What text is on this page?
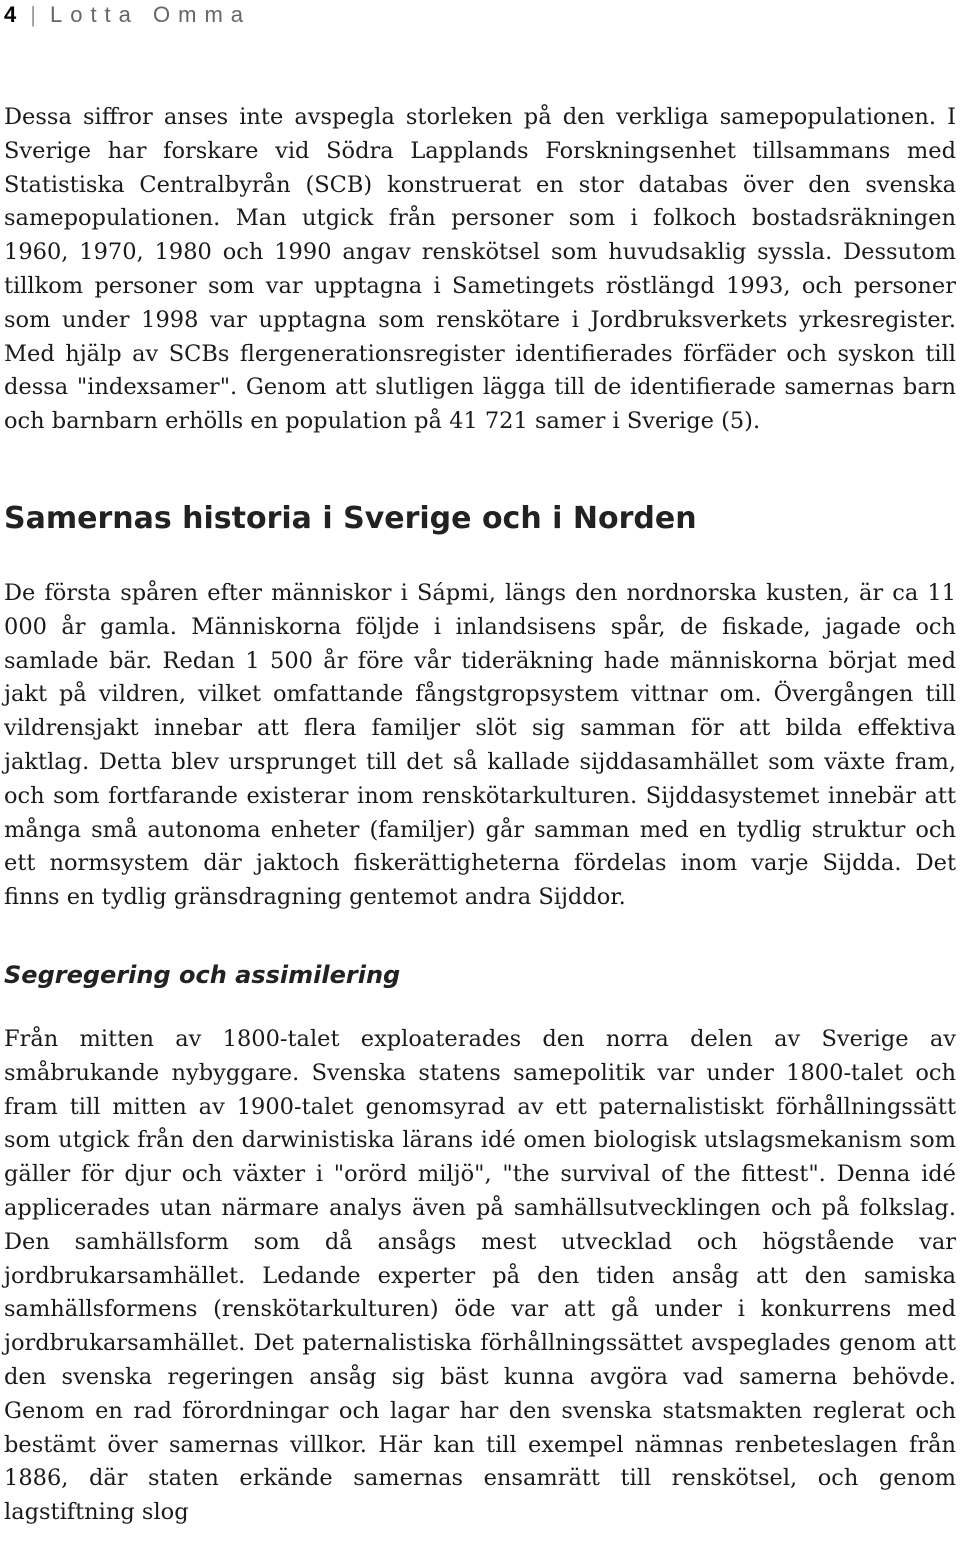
4 | Lotta Omma

Dessa siffror anses inte avspegla storleken på den verkliga samepopulationen. I Sverige har forskare vid Södra Lapplands Forskningsenhet tillsammans med Statistiska Centralbyrån (SCB) konstruerat en stor databas över den svenska samepopulationen. Man utgick från personer som i folkoch bostadsräkningen 1960, 1970, 1980 och 1990 angav renskötsel som huvudsaklig syssla. Dessutom tillkom personer som var upptagna i Sametingets röstlängd 1993, och personer som under 1998 var upptagna som renskötare i Jordbruksverkets yrkesregister. Med hjälp av SCBs flergenerationsregister identifierades förfäder och syskon till dessa "indexsamer". Genom att slutligen lägga till de identifierade samernas barn och barnbarn erhölls en population på 41 721 samer i Sverige (5).

Samernas historia i Sverige och i Norden

De första spåren efter människor i Sápmi, längs den nordnorska kusten, är ca 11 000 år gamla. Människorna följde i inlandsisens spår, de fiskade, jagade och samlade bär. Redan 1 500 år före vår tideräkning hade människorna börjat med jakt på vildren, vilket omfattande fångstgropsystem vittnar om. Övergången till vildrensjakt innebar att flera familjer slöt sig samman för att bilda effektiva jaktlag. Detta blev ursprunget till det så kallade sijddasamhället som växte fram, och som fortfarande existerar inom renskötarkulturen. Sijddasystemet innebär att många små autonoma enheter (familjer) går samman med en tydlig struktur och ett normsystem där jaktoch fiskerättigheterna fördelas inom varje Sijdda. Det finns en tydlig gränsdragning gentemot andra Sijddor.

Segregering och assimilering

Från mitten av 1800-talet exploaterades den norra delen av Sverige av småbrukande nybyggare. Svenska statens samepolitik var under 1800-talet och fram till mitten av 1900-talet genomsyrad av ett paternalistiskt förhållningssätt som utgick från den darwinistiska lärans idé omen biologisk utslagsmekanism som gäller för djur och växter i "orörd miljö", "the survival of the fittest". Denna idé applicerades utan närmare analys även på samhällsutvecklingen och på folkslag. Den samhällsform som då ansågs mest utvecklad och högstående var jordbrukarsamhället. Ledande experter på den tiden ansåg att den samiska samhällsformens (renskötarkulturen) öde var att gå under i konkurrens med jordbrukarsamhället. Det paternalistiska förhållningssättet avspeglades genom att den svenska regeringen ansåg sig bäst kunna avgöra vad samerna behövde. Genom en rad förordningar och lagar har den svenska statsmakten reglerat och bestämt över samernas villkor. Här kan till exempel nämnas renbeteslagen från 1886, där staten erkände samernas ensamrätt till renskötsel, och genom lagstiftning slog
